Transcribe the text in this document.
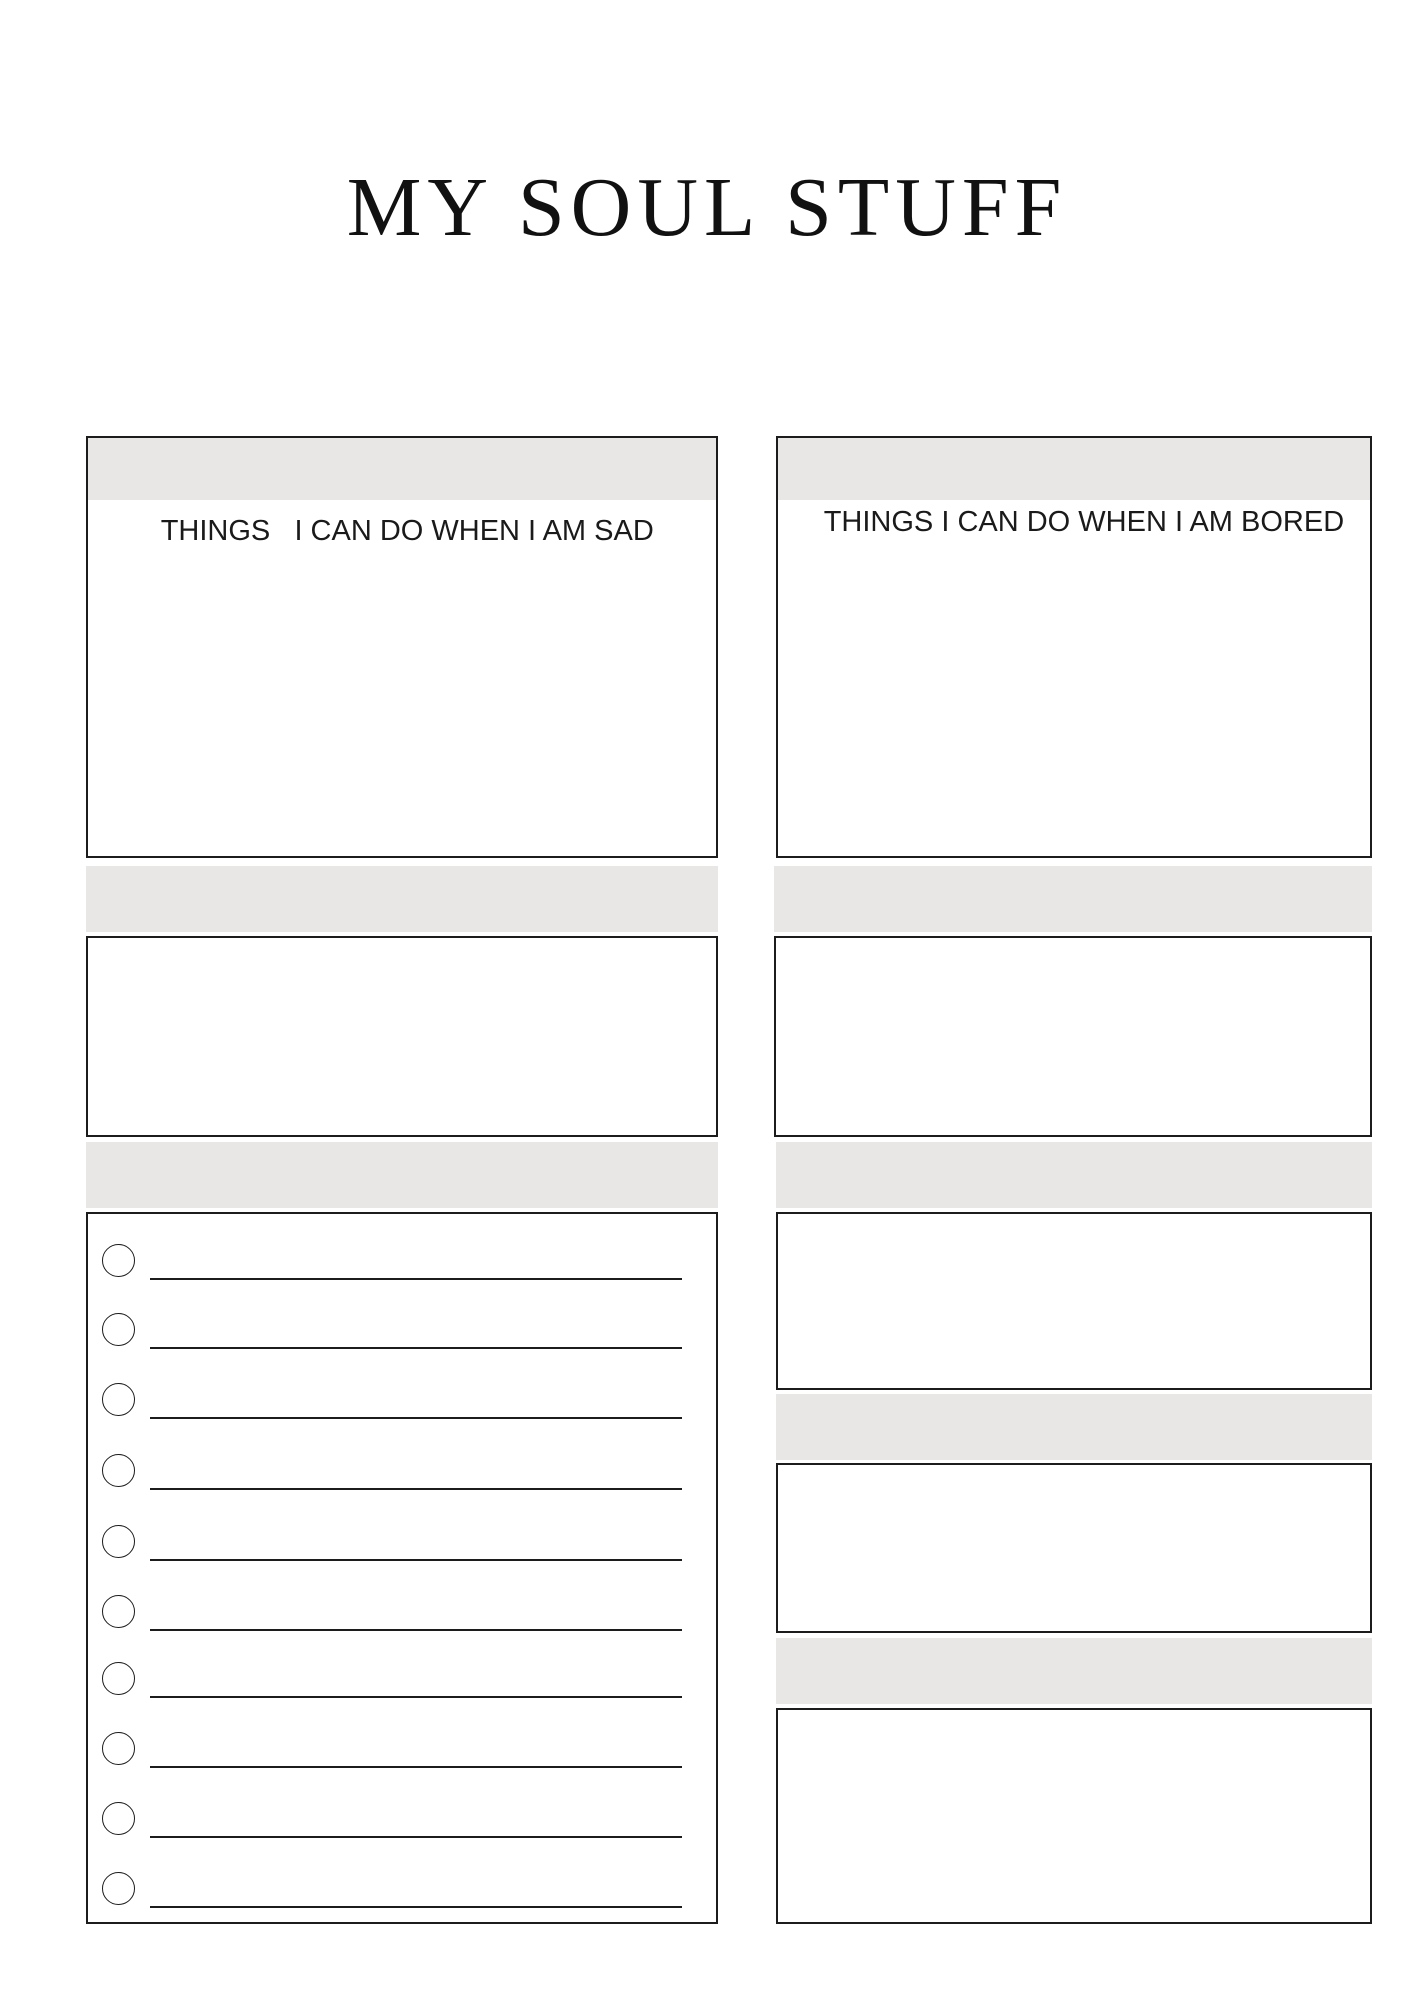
MY SOUL STUFF

THINGS   I CAN DO WHEN I AM SAD
	THINGS I CAN DO WHEN I AM BORED
